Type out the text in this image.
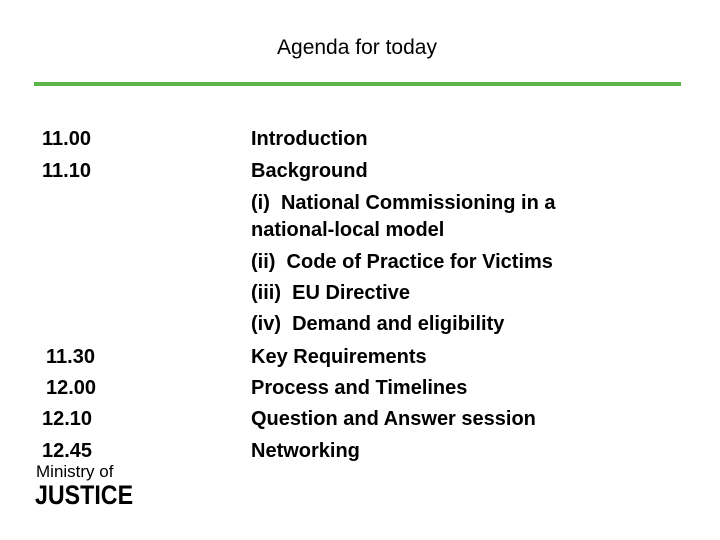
Agenda for today
11.00
11.10
11.30
12.00
12.10
12.45
Introduction
Background
(i)  National Commissioning in a
national-local model
(ii)  Code of Practice for Victims
(iii)  EU Directive
(iv)  Demand and eligibility
Key Requirements
Process and Timelines
Question and Answer session
Networking
Ministry of
JUSTICE
